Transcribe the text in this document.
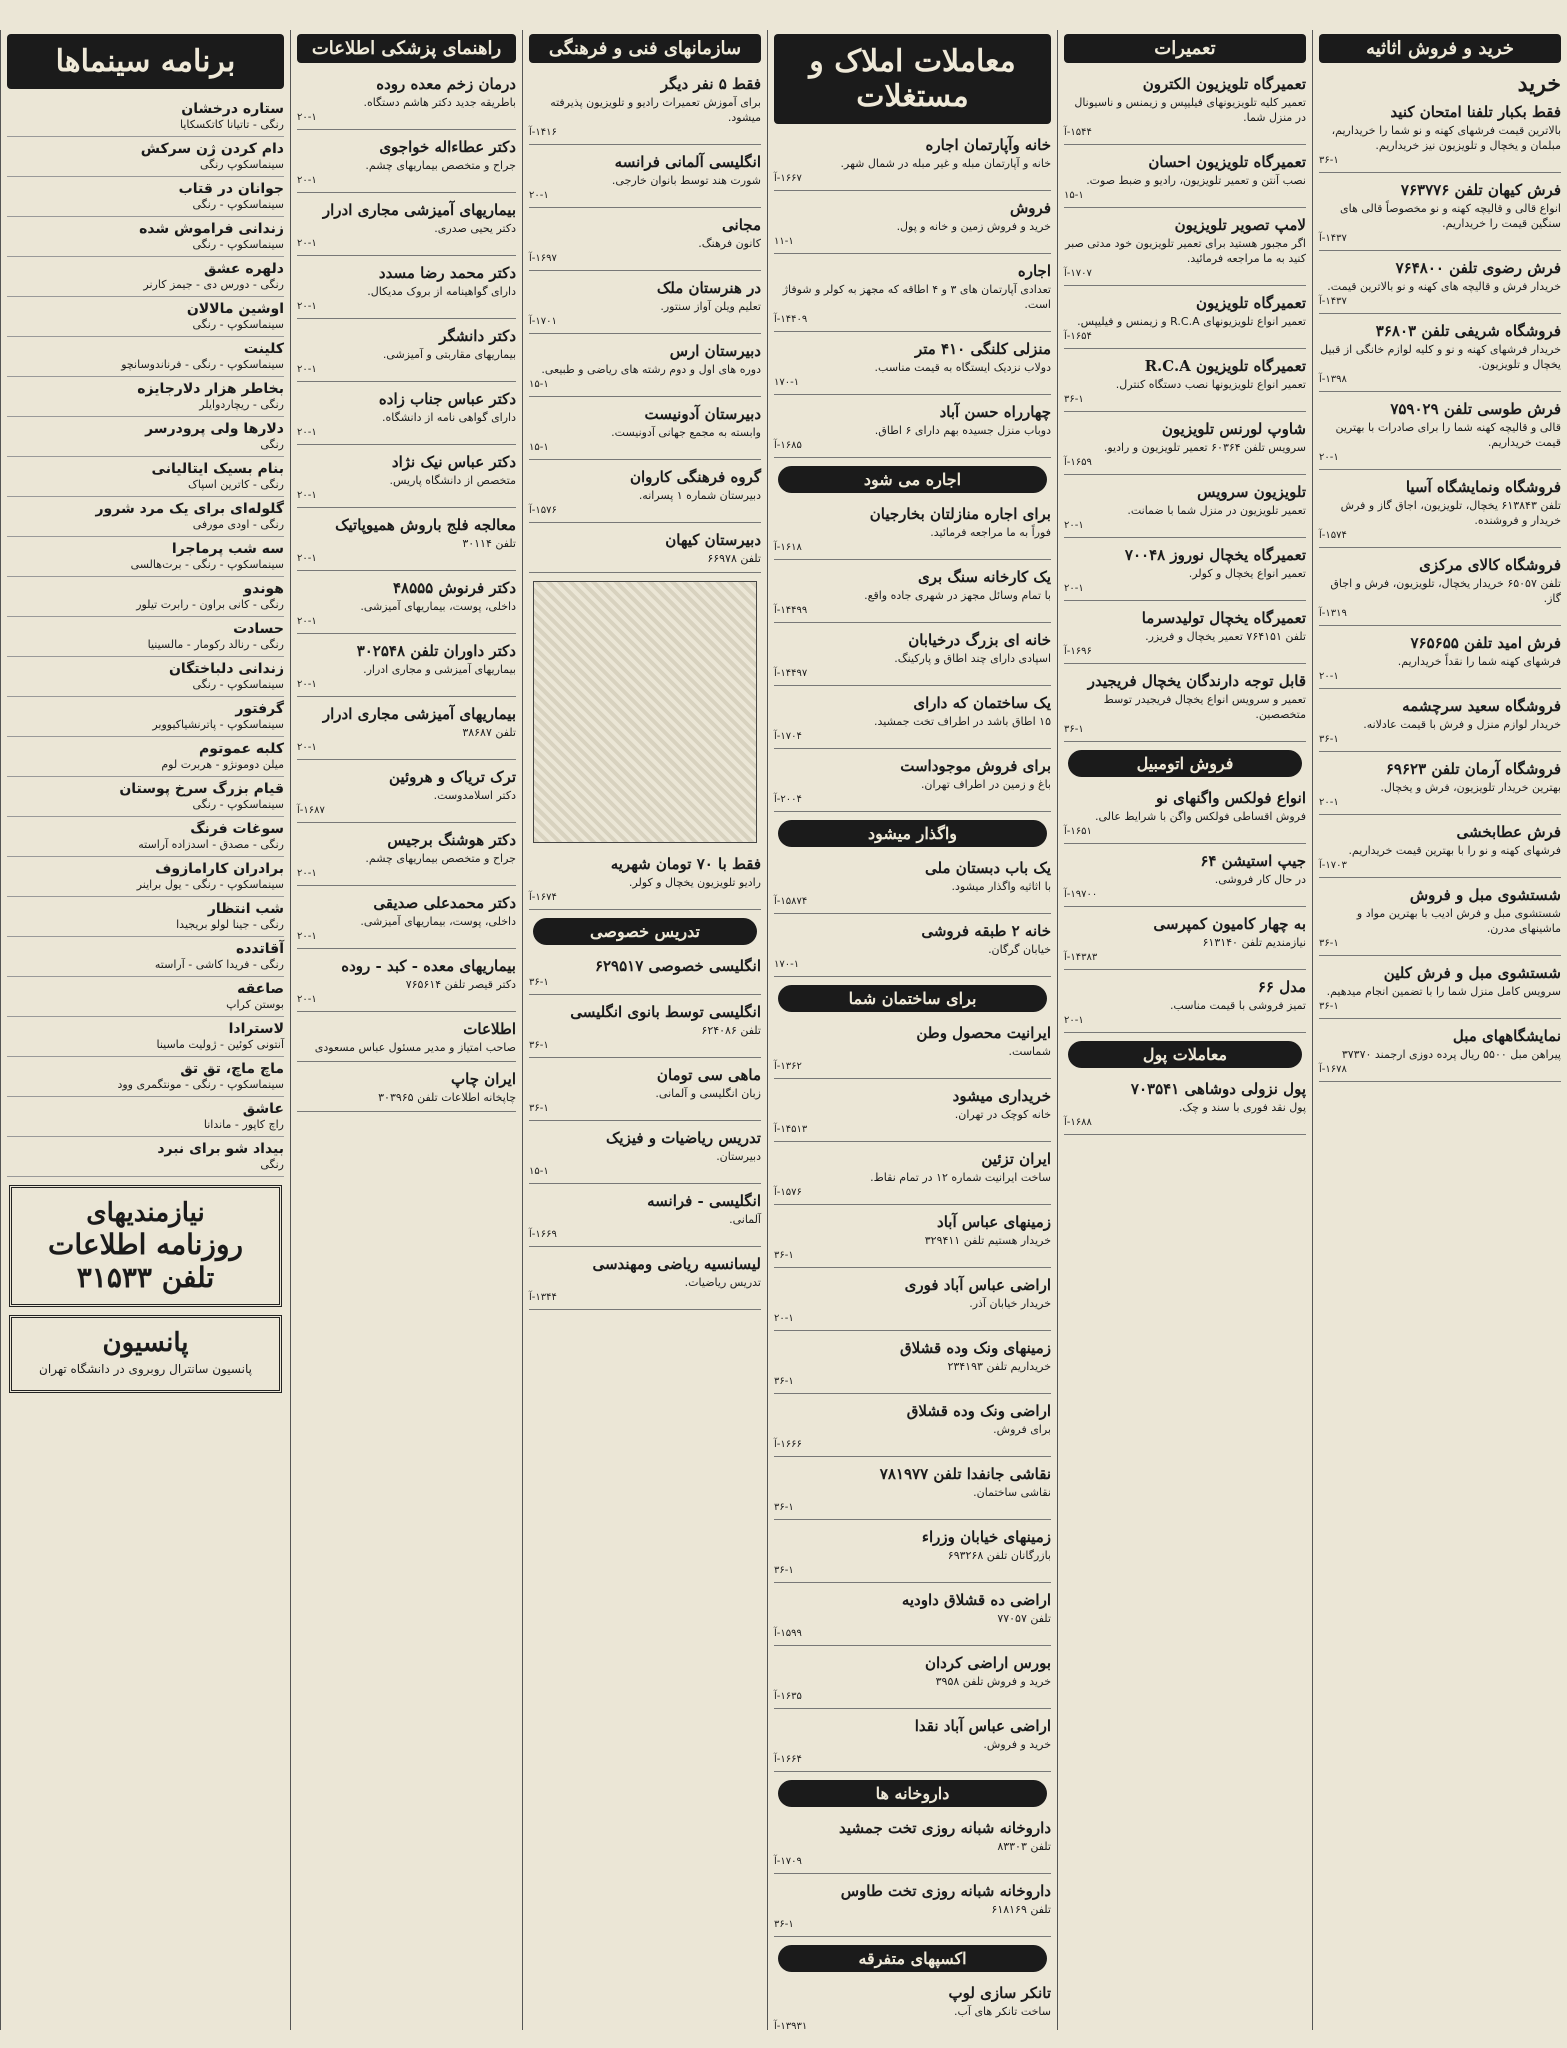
خرید و فروش اثاثیه
خرید
فقط بکبار تلفنا امتحان کنید
بالاترین قیمت فرشهای کهنه و نو شما را خریداریم، مبلمان و یخچال و تلویزیون نیز خریداریم.
۳۶-۱
فرش کیهان تلفن ۷۶۳۷۷۶
انواع قالی و قالیچه کهنه و نو مخصوصاً قالی های سنگین قیمت را خریداریم.
۱۴۳۷-آ
فرش رضوی تلفن ۷۶۴۸۰۰
خریدار فرش و قالیچه های کهنه و نو بالاترین قیمت.
۱۴۳۷-آ
فروشگاه شریفی تلفن ۳۶۸۰۳
خریدار فرشهای کهنه و نو و کلیه لوازم خانگی از قبیل یخچال و تلویزیون.
۱۳۹۸-آ
فرش طوسی تلفن ۷۵۹۰۲۹
قالی و قالیچه کهنه شما را برای صادرات با بهترین قیمت خریداریم.
۲۰-۱
فروشگاه ونمایشگاه آسیا
تلفن ۶۱۳۸۴۳ یخچال، تلویزیون، اجاق گاز و فرش خریدار و فروشنده.
۱۵۷۴-آ
فروشگاه کالای مرکزی
تلفن ۶۵۰۵۷ خریدار یخچال، تلویزیون، فرش و اجاق گاز.
۱۳۱۹-آ
فرش امید تلفن ۷۶۵۶۵۵
فرشهای کهنه شما را نقداً خریداریم.
۲۰-۱
فروشگاه سعید سرچشمه
خریدار لوازم منزل و فرش با قیمت عادلانه.
۳۶-۱
فروشگاه آرمان تلفن ۶۹۶۲۳
بهترین خریدار تلویزیون، فرش و یخچال.
۲۰-۱
فرش عطابخشی
فرشهای کهنه و نو را با بهترین قیمت خریداریم.
۱۷۰۳-آ
شستشوی مبل و فروش
شستشوی مبل و فرش ادیب با بهترین مواد و ماشینهای مدرن.
۳۶-۱
شستشوی مبل و فرش کلین
سرویس کامل منزل شما را با تضمین انجام میدهیم.
۳۶-۱
نمایشگاههای مبل
پیراهن مبل ۵۵۰۰ ریال پرده دوزی ارجمند ۳۷۳۷۰
۱۶۷۸-آ
تعمیرات
تعمیرگاه تلویزیون الکترون
تعمیر کلیه تلویزیونهای فیلیپس و زیمنس و ناسیونال در منزل شما.
۱۵۴۴-آ
تعمیرگاه تلویزیون احسان
نصب آنتن و تعمیر تلویزیون، رادیو و ضبط صوت.
۱۵-۱
لامپ تصویر تلویزیون
اگر مجبور هستید برای تعمیر تلویزیون خود مدتی صبر کنید به ما مراجعه فرمائید.
۱۷۰۷-آ
تعمیرگاه تلویزیون
تعمیر انواع تلویزیونهای R.C.A و زیمنس و فیلیپس.
۱۶۵۴-آ
تعمیرگاه تلویزیون R.C.A
تعمیر انواع تلویزیونها نصب دستگاه کنترل.
۳۶-۱
شاوپ لورنس تلویزیون
سرویس تلفن ۶۰۳۶۴ تعمیر تلویزیون و رادیو.
۱۶۵۹-آ
تلویزیون سرویس
تعمیر تلویزیون در منزل شما با ضمانت.
۲۰-۱
تعمیرگاه یخچال نوروز ۷۰۰۴۸
تعمیر انواع یخچال و کولر.
۲۰-۱
تعمیرگاه یخچال تولیدسرما
تلفن ۷۶۴۱۵۱ تعمیر یخچال و فریزر.
۱۶۹۶-آ
قابل توجه دارندگان یخچال فریجیدر
تعمیر و سرویس انواع یخچال فریجیدر توسط متخصصین.
۳۶-۱
فروش اتومبیل
انواع فولکس واگنهای نو
فروش اقساطی فولکس واگن با شرایط عالی.
۱۶۵۱-آ
جیپ استیشن ۶۴
در حال کار فروشی.
۱۹۷۰۰-آ
به چهار کامیون کمپرسی
نیازمندیم تلفن ۶۱۳۱۴۰
۱۴۳۸۳-آ
مدل ۶۶
تمیز فروشی با قیمت مناسب.
۲۰-۱
معاملات پول
پول نزولی دوشاهی ۷۰۳۵۴۱
پول نقد فوری با سند و چک.
۱۶۸۸-آ
معاملات املاک و مستغلات
خانه وآپارتمان اجاره
خانه و آپارتمان مبله و غیر مبله در شمال شهر.
۱۶۶۷-آ
فروش
خرید و فروش زمین و خانه و پول.
۱۱-۱
اجاره
تعدادی آپارتمان های ۳ و ۴ اطاقه که مجهز به کولر و شوفاژ است.
۱۴۴۰۹-آ
منزلی کلنگی ۴۱۰ متر
دولاب نزدیک ایستگاه به قیمت مناسب.
۱۷۰-۱
چهارراه حسن آباد
دوباب منزل جسیده بهم دارای ۶ اطاق.
۱۶۸۵-آ
اجاره می شود
برای اجاره منازلتان بخارجیان
فوراً به ما مراجعه فرمائید.
۱۶۱۸-آ
یک کارخانه سنگ بری
با تمام وسائل مجهز در شهری جاده واقع.
۱۴۴۹۹-آ
خانه ای بزرگ درخیابان
اسپادی دارای چند اطاق و پارکینگ.
۱۴۴۹۷-آ
یک ساختمان که دارای
۱۵ اطاق باشد در اطراف تخت جمشید.
۱۷۰۴-آ
برای فروش موجوداست
باغ و زمین در اطراف تهران.
۲۰۰۴-آ
واگذار میشود
یک باب دبستان ملی
با اثاثیه واگذار میشود.
۱۵۸۷۴-آ
خانه ۲ طبقه فروشی
خیابان گرگان.
۱۷۰-۱
برای ساختمان شما
ایرانیت محصول وطن
شماست.
۱۳۶۲-آ
خریداری میشود
خانه کوچک در تهران.
۱۴۵۱۳-آ
ایران تزئین
ساخت ایرانیت شماره ۱۲ در تمام نقاط.
۱۵۷۶-آ
زمینهای عباس آباد
خریدار هستیم تلفن ۳۲۹۴۱۱
۳۶-۱
اراضی عباس آباد فوری
خریدار خیابان آذر.
۲۰-۱
زمینهای ونک وده قشلاق
خریداریم تلفن ۲۳۴۱۹۳
۳۶-۱
اراضی ونک وده قشلاق
برای فروش.
۱۶۶۶-آ
نقاشی جانفدا تلفن ۷۸۱۹۷۷
نقاشی ساختمان.
۳۶-۱
زمینهای خیابان وزراء
بازرگانان تلفن ۶۹۳۲۶۸
۳۶-۱
اراضی ده قشلاق داودیه
تلفن ۷۷۰۵۷
۱۵۹۹-آ
بورس اراضی کردان
خرید و فروش تلفن ۳۹۵۸
۱۶۳۵-آ
اراضی عباس آباد نقدا
خرید و فروش.
۱۶۶۴-آ
داروخانه ها
داروخانه شبانه روزی تخت جمشید
تلفن ۸۳۳۰۳
۱۷۰۹-آ
داروخانه شبانه روزی تخت طاوس
تلفن ۶۱۸۱۶۹
۳۶-۱
اکسپهای متفرقه
تانکر سازی لوپ
ساخت تانکر های آب.
۱۳۹۳۱-آ
سازمانهای فنی و فرهنگی
فقط ۵ نفر دیگر
برای آموزش تعمیرات رادیو و تلویزیون پذیرفته میشود.
۱۴۱۶-آ
انگلیسی آلمانی فرانسه
شورت هند توسط بانوان خارجی.
۲۰-۱
مجانی
کانون فرهنگ.
۱۶۹۷-آ
در هنرستان ملک
تعلیم ویلن آواز سنتور.
۱۷۰۱-آ
دبیرستان ارس
دوره های اول و دوم رشته های ریاضی و طبیعی.
۱۵-۱
دبیرستان آدونیست
وابسته به مجمع جهانی آدونیست.
۱۵-۱
گروه فرهنگی کاروان
دبیرستان شماره ۱ پسرانه.
۱۵۷۶-آ
دبیرستان کیهان
تلفن ۶۶۹۷۸
فقط با ۷۰ تومان شهریه
رادیو تلویزیون یخچال و کولر.
۱۶۷۴-آ
تدریس خصوصی
انگلیسی خصوصی ۶۲۹۵۱۷
۳۶-۱
انگلیسی توسط بانوی انگلیسی
تلفن ۶۲۴۰۸۶
۳۶-۱
ماهی سی تومان
زبان انگلیسی و آلمانی.
۳۶-۱
تدریس ریاضیات و فیزیک
دبیرستان.
۱۵-۱
انگلیسی - فرانسه
آلمانی.
۱۶۶۹-آ
لیسانسیه ریاضی ومهندسی
تدریس ریاضیات.
۱۳۴۴-آ
راهنمای پزشکی اطلاعات
درمان زخم معده روده
باطریقه جدید دکتر هاشم دستگاه.
۲۰-۱
دکتر عطاءاله خواجوی
جراح و متخصص بیماریهای چشم.
۲۰-۱
بیماریهای آمیزشی مجاری ادرار
دکتر یحیی صدری.
۲۰-۱
دکتر محمد رضا مسدد
دارای گواهینامه از بروک مدیکال.
۲۰-۱
دکتر دانشگر
بیماریهای مقاربتی و آمیزشی.
۲۰-۱
دکتر عباس جناب زاده
دارای گواهی نامه از دانشگاه.
۲۰-۱
دکتر عباس نیک نژاد
متخصص از دانشگاه پاریس.
۲۰-۱
معالجه فلج باروش همیوپاتیک
تلفن ۳۰۱۱۴
۲۰-۱
دکتر فرنوش ۴۸۵۵۵
داخلی، پوست، بیماریهای آمیزشی.
۲۰-۱
دکتر داوران تلفن ۳۰۲۵۴۸
بیماریهای آمیزشی و مجاری ادرار.
۲۰-۱
بیماریهای آمیزشی مجاری ادرار
تلفن ۳۸۶۸۷
۲۰-۱
ترک تریاک و هروئین
دکتر اسلامدوست.
۱۶۸۷-آ
دکتر هوشنگ برجیس
جراح و متخصص بیماریهای چشم.
۲۰-۱
دکتر محمدعلی صدیقی
داخلی، پوست، بیماریهای آمیزشی.
۲۰-۱
بیماریهای معده - کبد - روده
دکتر قیصر تلفن ۷۶۵۶۱۴
۲۰-۱
اطلاعات
صاحب امتیاز و مدیر مسئول عباس مسعودی
ایران چاپ
چاپخانه اطلاعات تلفن ۳۰۳۹۶۵
برنامه سینماها
ستاره درخشان
رنگی - تاتیانا کاتکسکایا
دام کردن ژن سرکش
سینماسکوپ رنگی
جوانان در قتاب
سینماسکوپ - رنگی
زندانی فراموش شده
سینماسکوپ - رنگی
دلهره عشق
رنگی - دورس دی - جیمز کارنر
اوشین مالالان
سینماسکوپ - رنگی
کلینت
سینماسکوپ - رنگی - فرناندوسانچو
بخاطر هزار دلارجایزه
رنگی - ریچاردوایلر
دلارها ولی پرودرسر
رنگی
بنام بسیک ایتالیانی
رنگی - کاترین اسپاک
گلوله‌ای برای یک مرد شرور
رنگی - اودی مورفی
سه شب پرماجرا
سینماسکوپ - رنگی - برت‌هالسی
هوندو
رنگی - کانی براون - رابرت تیلور
حسادت
رنگی - رنالد رکومار - مالسینیا
زندانی دلباختگان
سینماسکوپ - رنگی
گرفتور
سینماسکوپ - پاترنشیاکیووبر
کلبه عموتوم
میلن دومونژو - هربرت لوم
قیام بزرگ سرخ پوستان
سینماسکوپ - رنگی
سوغات فرنگ
رنگی - مصدق - اسدزاده آراسته
برادران کارامازوف
سینماسکوپ - رنگی - یول براینر
شب انتظار
رنگی - جینا لولو بریجیدا
آقاتدده
رنگی - فریدا کاشی - آراسته
صاعقه
بوستن کراپ
لاسترادا
آنتونی کوئین - ژولیت ماسینا
ماچ ماچ، تق تق
سینماسکوپ - رنگی - مونتگمری وود
عاشق
راچ کاپور - ماندانا
بیداد شو برای نبرد
رنگی
نیازمندیهای
روزنامه اطلاعات تلفن ۳۱۵۳۳
پانسیون
پانسیون سانترال روبروی در دانشگاه تهران
